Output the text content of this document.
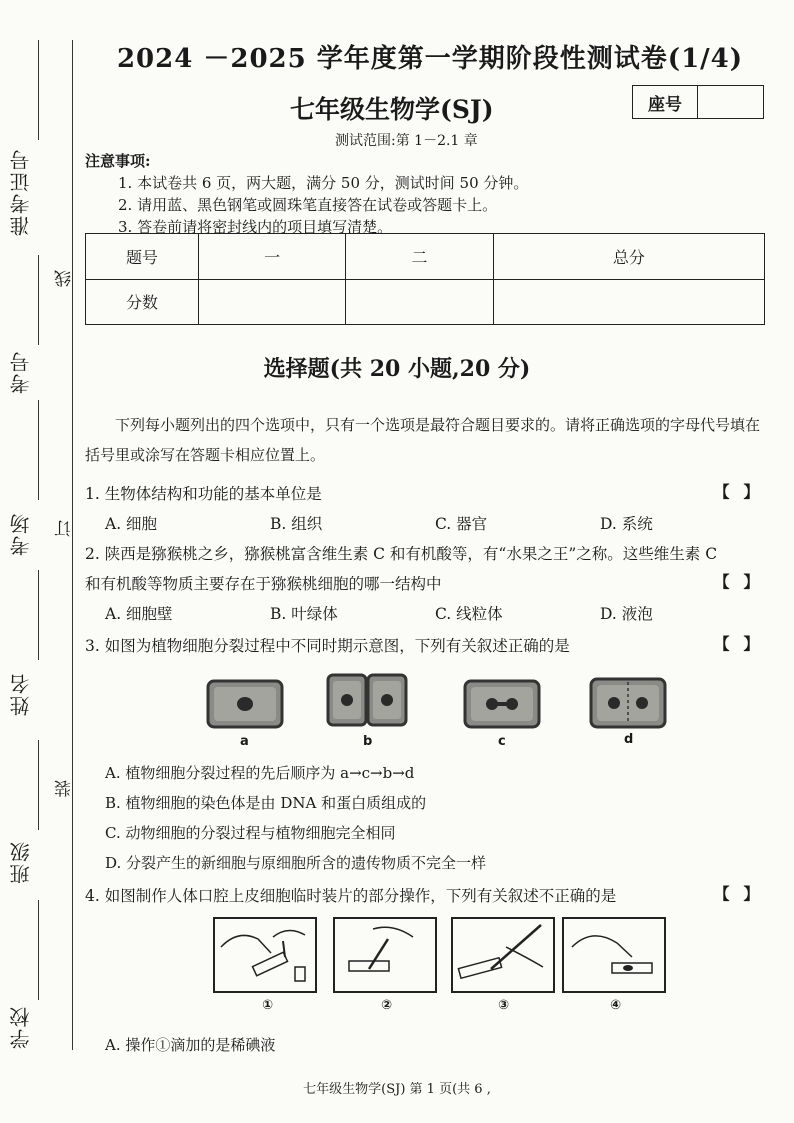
准考证号
线
考号
考场 订
姓名
装
班级
学校
2024 －2025 学年度第一学期阶段性测试卷(1/4)
七年级生物学(SJ)	座号
测试范围:第 1－2.1 章
注意事项:
1. 本试卷共 6 页，两大题，满分 50 分，测试时间 50 分钟。
2. 请用蓝、黑色钢笔或圆珠笔直接答在试卷或答题卡上。
3. 答卷前请将密封线内的项目填写清楚。
题号	一	二	总分
分数			
选择题(共 20 小题,20 分)
下列每小题列出的四个选项中，只有一个选项是最符合题目要求的。请将正确选项的字母代号填在括号里或涂写在答题卡相应位置上。
1. 生物体结构和功能的基本单位是	【】
A. 细胞	B. 组织	C. 器官	D. 系统
2. 陕西是猕猴桃之乡，猕猴桃富含维生素 C 和有机酸等，有“水果之王”之称。这些维生素 C
和有机酸等物质主要存在于猕猴桃细胞的哪一结构中	【】
A. 细胞壁	B. 叶绿体	C. 线粒体	D. 液泡
3. 如图为植物细胞分裂过程中不同时期示意图，下列有关叙述正确的是	【】
a	b	c	d
A. 植物细胞分裂过程的先后顺序为 a→c→b→d
B. 植物细胞的染色体是由 DNA 和蛋白质组成的
C. 动物细胞的分裂过程与植物细胞完全相同
D. 分裂产生的新细胞与原细胞所含的遗传物质不完全一样
4. 如图制作人体口腔上皮细胞临时装片的部分操作，下列有关叙述不正确的是	【】
①	②	③	④
A. 操作①滴加的是稀碘液
七年级生物学(SJ) 第 1 页(共 6 ,
